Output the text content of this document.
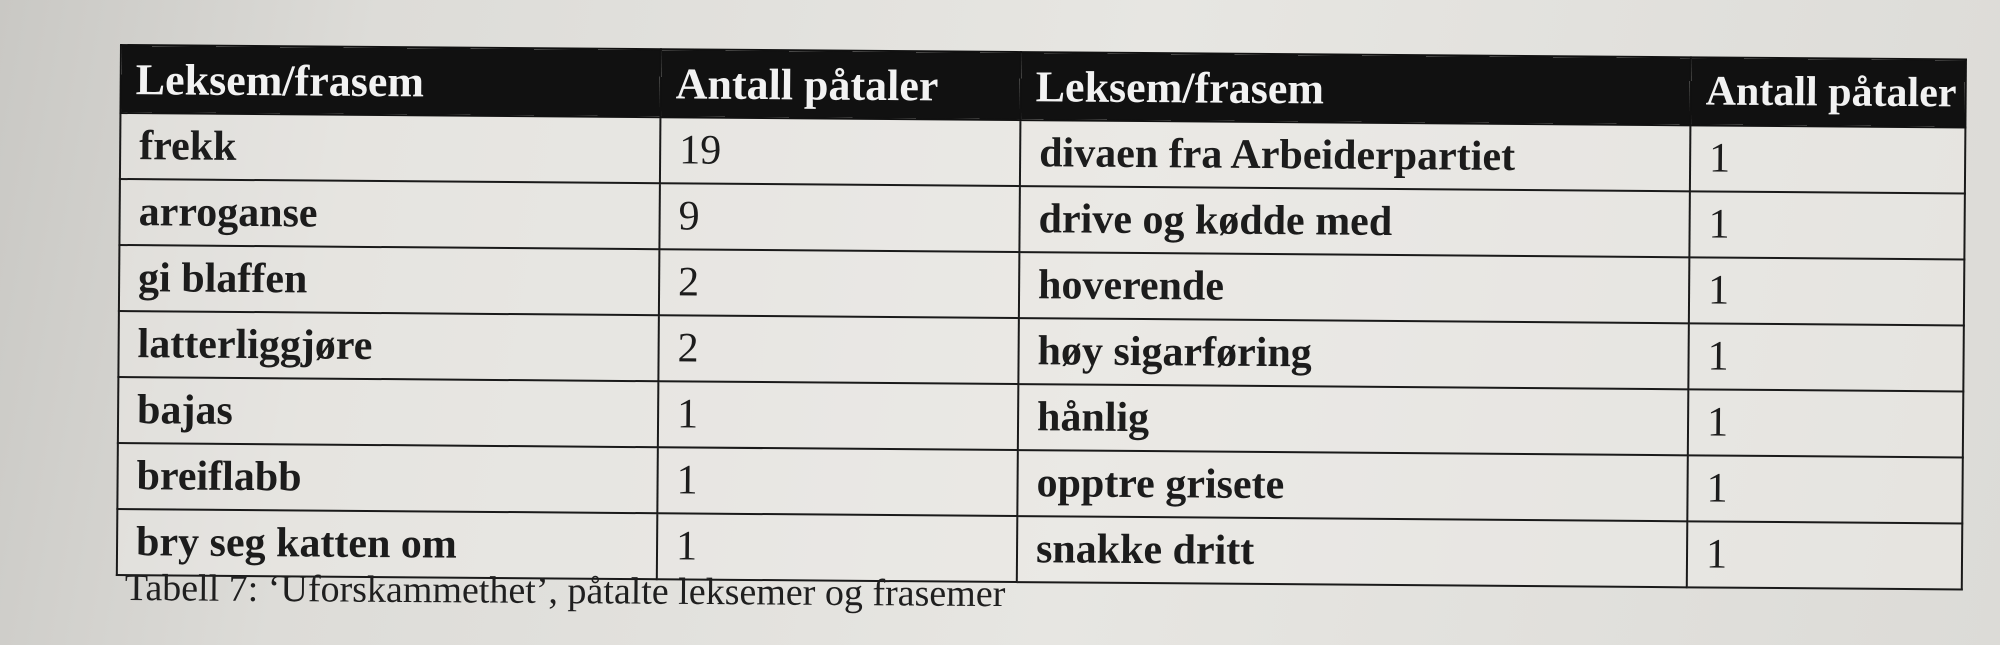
Leksem/frasem	Antall påtaler	Leksem/frasem	Antall påtaler
frekk	19	divaen fra Arbeiderpartiet	1
arroganse	9	drive og kødde med	1
gi blaffen	2	hoverende	1
latterliggjøre	2	høy sigarføring	1
bajas	1	hånlig	1
breiflabb	1	opptre grisete	1
bry seg katten om	1	snakke dritt	1
Tabell 7: ‘Uforskammethet’, påtalte leksemer og frasemer
